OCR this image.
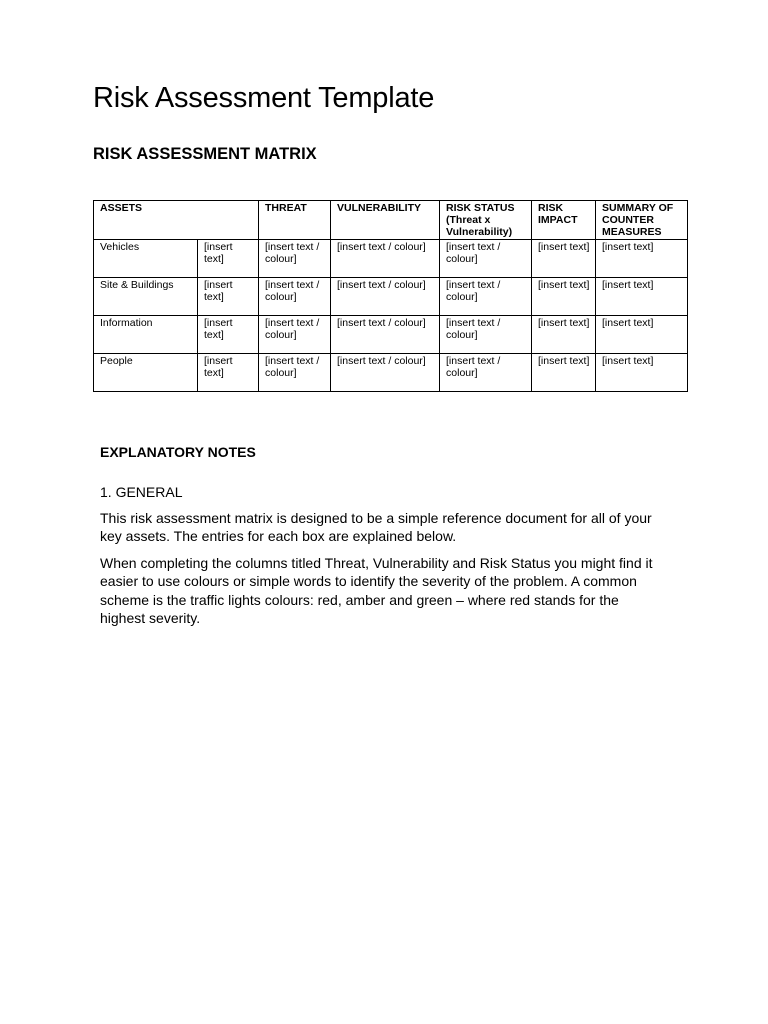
Risk Assessment Template
RISK ASSESSMENT MATRIX
ASSETS		THREAT	VULNERABILITY	RISK STATUS (Threat x Vulnerability)	RISK IMPACT	SUMMARY OF COUNTER MEASURES
Vehicles	[insert text]	[insert text / colour]	[insert text / colour]	[insert text / colour]	[insert text]	[insert text]
Site & Buildings	[insert text]	[insert text / colour]	[insert text / colour]	[insert text / colour]	[insert text]	[insert text]
Information	[insert text]	[insert text / colour]	[insert text / colour]	[insert text / colour]	[insert text]	[insert text]
People	[insert text]	[insert text / colour]	[insert text / colour]	[insert text / colour]	[insert text]	[insert text]
EXPLANATORY NOTES
1. GENERAL

This risk assessment matrix is designed to be a simple reference document for all of your key assets. The entries for each box are explained below.

When completing the columns titled Threat, Vulnerability and Risk Status you might find it easier to use colours or simple words to identify the severity of the problem. A common scheme is the traffic lights colours: red, amber and green – where red stands for the highest severity.
